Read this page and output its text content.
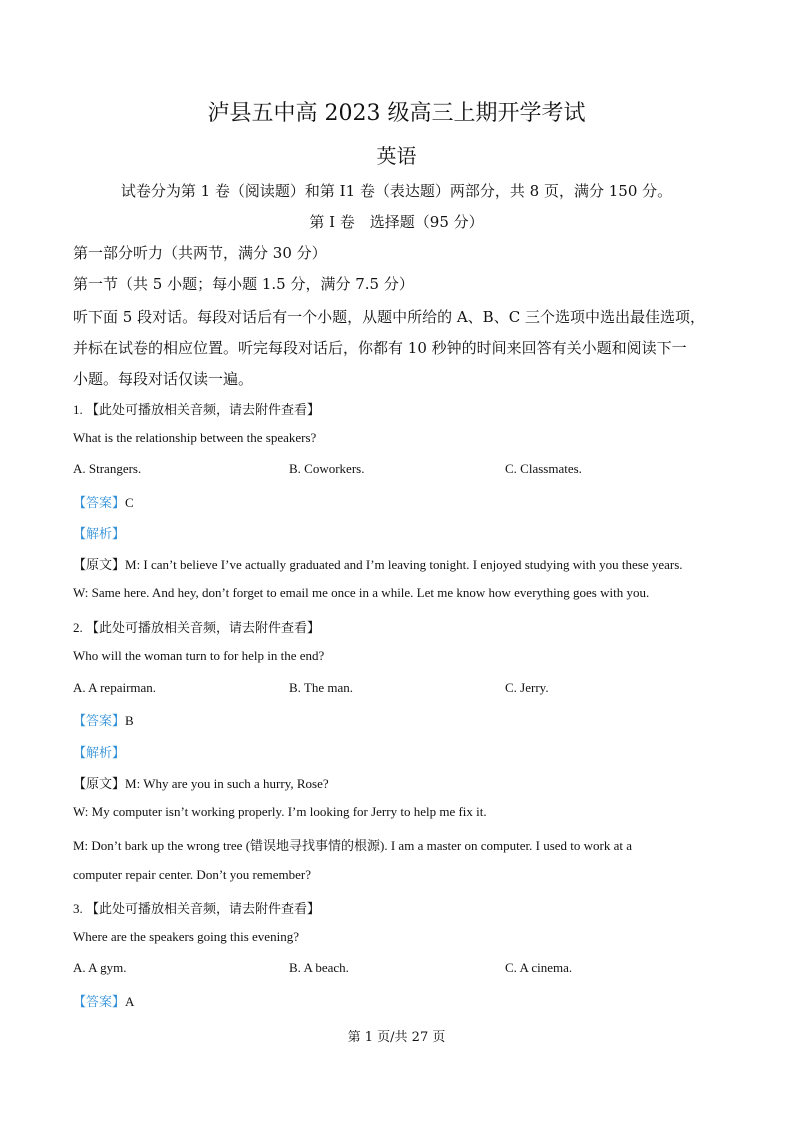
泸县五中高 2023 级高三上期开学考试
英语
试卷分为第 1 卷（阅读题）和第 I1 卷（表达题）两部分，共 8 页，满分 150 分。
第 I 卷　选择题（95 分）
第一部分听力（共两节，满分 30 分）
第一节（共 5 小题；每小题 1.5 分，满分 7.5 分）
听下面 5 段对话。每段对话后有一个小题，从题中所给的 A、B、C 三个选项中选出最佳选项，
并标在试卷的相应位置。听完每段对话后，你都有 10 秒钟的时间来回答有关小题和阅读下一
小题。每段对话仅读一遍。
1. 【此处可播放相关音频，请去附件查看】
What is the relationship between the speakers?
A. Strangers.	B. Coworkers.	C. Classmates.
【答案】C
【解析】
【原文】M: I can’t believe I’ve actually graduated and I’m leaving tonight. I enjoyed studying with you these years.
W: Same here. And hey, don’t forget to email me once in a while. Let me know how everything goes with you.
2. 【此处可播放相关音频，请去附件查看】
Who will the woman turn to for help in the end?
A. A repairman.	B. The man.	C. Jerry.
【答案】B
【解析】
【原文】M: Why are you in such a hurry, Rose?
W: My computer isn’t working properly. I’m looking for Jerry to help me fix it.
M: Don’t bark up the wrong tree (错误地寻找事情的根源). I am a master on computer. I used to work at a
computer repair center. Don’t you remember?
3. 【此处可播放相关音频，请去附件查看】
Where are the speakers going this evening?
A. A gym.	B. A beach.	C. A cinema.
【答案】A
第 1 页/共 27 页
